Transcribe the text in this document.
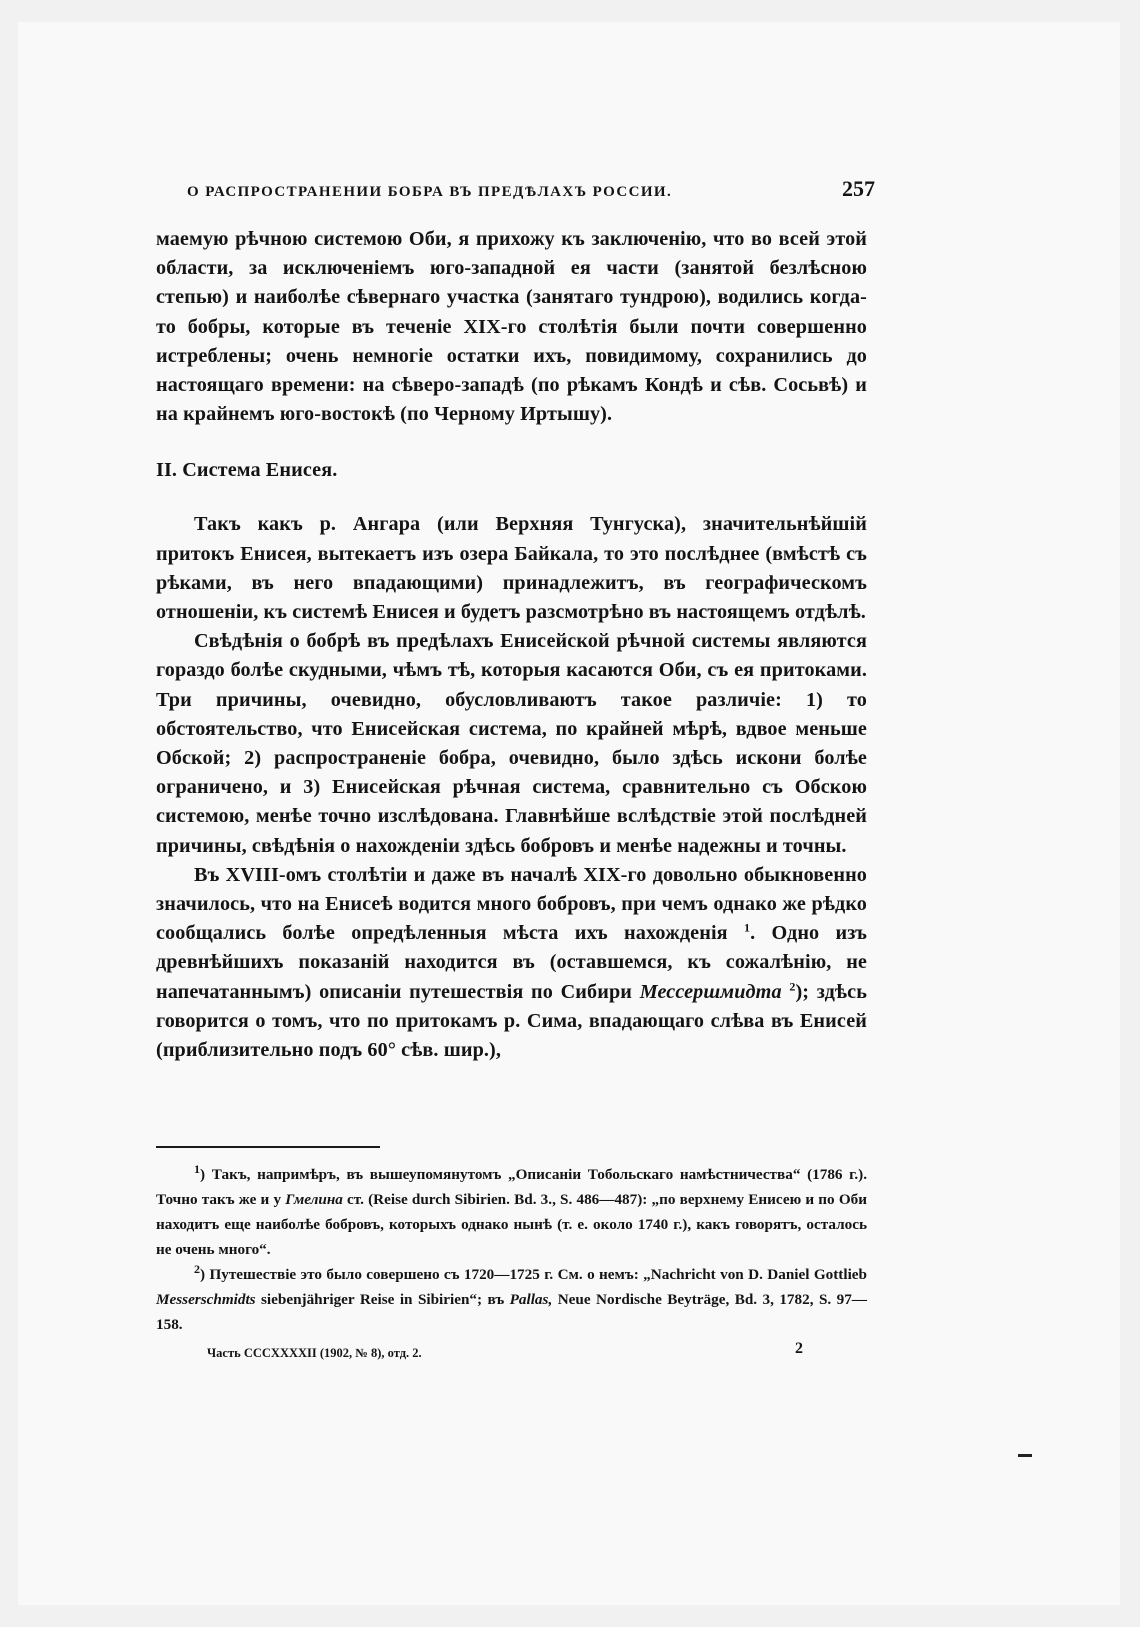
О РАСПРОСТРАНЕНИИ БОБРА ВЪ ПРЕДѢЛАХЪ РОССИИ.	257

маемую рѣчною системою Оби, я прихожу къ заключенію, что во всей этой области, за исключеніемъ юго-западной ея части (занятой безлѣсною степью) и наиболѣе сѣвернаго участка (занятаго тундрою), водились когда-то бобры, которые въ теченіе XIX-го столѣтія были почти совершенно истреблены; очень немногіе остатки ихъ, повидимому, сохранились до настоящаго времени: на сѣверо-западѣ (по рѣкамъ Кондѣ и сѣв. Сосьвѣ) и на крайнемъ юго-востокѣ (по Черному Иртышу).

II. Система Енисея.

Такъ какъ р. Ангара (или Верхняя Тунгуска), значительнѣйшій притокъ Енисея, вытекаетъ изъ озера Байкала, то это послѣднее (вмѣстѣ съ рѣками, въ него впадающими) принадлежитъ, въ географическомъ отношеніи, къ системѣ Енисея и будетъ разсмотрѣно въ настоящемъ отдѣлѣ.

Свѣдѣнія о бобрѣ въ предѣлахъ Енисейской рѣчной системы являются гораздо болѣе скудными, чѣмъ тѣ, которыя касаются Оби, съ ея притоками. Три причины, очевидно, обусловливаютъ такое различіе: 1) то обстоятельство, что Енисейская система, по крайней мѣрѣ, вдвое меньше Обской; 2) распространеніе бобра, очевидно, было здѣсь искони болѣе ограничено, и 3) Енисейская рѣчная система, сравнительно съ Обскою системою, менѣе точно изслѣдована. Главнѣйше вслѣдствіе этой послѣдней причины, свѣдѣнія о нахожденіи здѣсь бобровъ и менѣе надежны и точны.

Въ XVIII-омъ столѣтіи и даже въ началѣ XIX-го довольно обыкновенно значилось, что на Енисеѣ водится много бобровъ, при чемъ однако же рѣдко сообщались болѣе опредѣленныя мѣста ихъ нахожденія $^1$. Одно изъ древнѣйшихъ показаній находится въ (оставшемся, къ сожалѣнію, не напечатаннымъ) описаніи путешествія по Сибири Мессершмидта $^2$); здѣсь говорится о томъ, что по притокамъ р. Сима, впадающаго слѣва въ Енисей (приблизительно подъ 60° сѣв. шир.),

$^1$) Такъ, напримѣръ, въ вышеупомянутомъ „Описаніи Тобольскаго намѣстничества“ (1786 г.). Точно такъ же и у Гмелина ст. (Reise durch Sibirien. Bd. 3., S. 486—487): „по верхнему Енисею и по Оби находитъ еще наиболѣе бобровъ, которыхъ однако нынѣ (т. е. около 1740 г.), какъ говорятъ, осталось не очень много“.

$^2$) Путешествіе это было совершено съ 1720—1725 г. См. о немъ: „Nachricht von D. Daniel Gottlieb Messerschmidts siebenjähriger Reise in Sibirien“; въ Pallas, Neue Nordische Beyträge, Bd. 3, 1782, S. 97—158.

Часть CCCXXXXII (1902, № 8), отд. 2.	2
